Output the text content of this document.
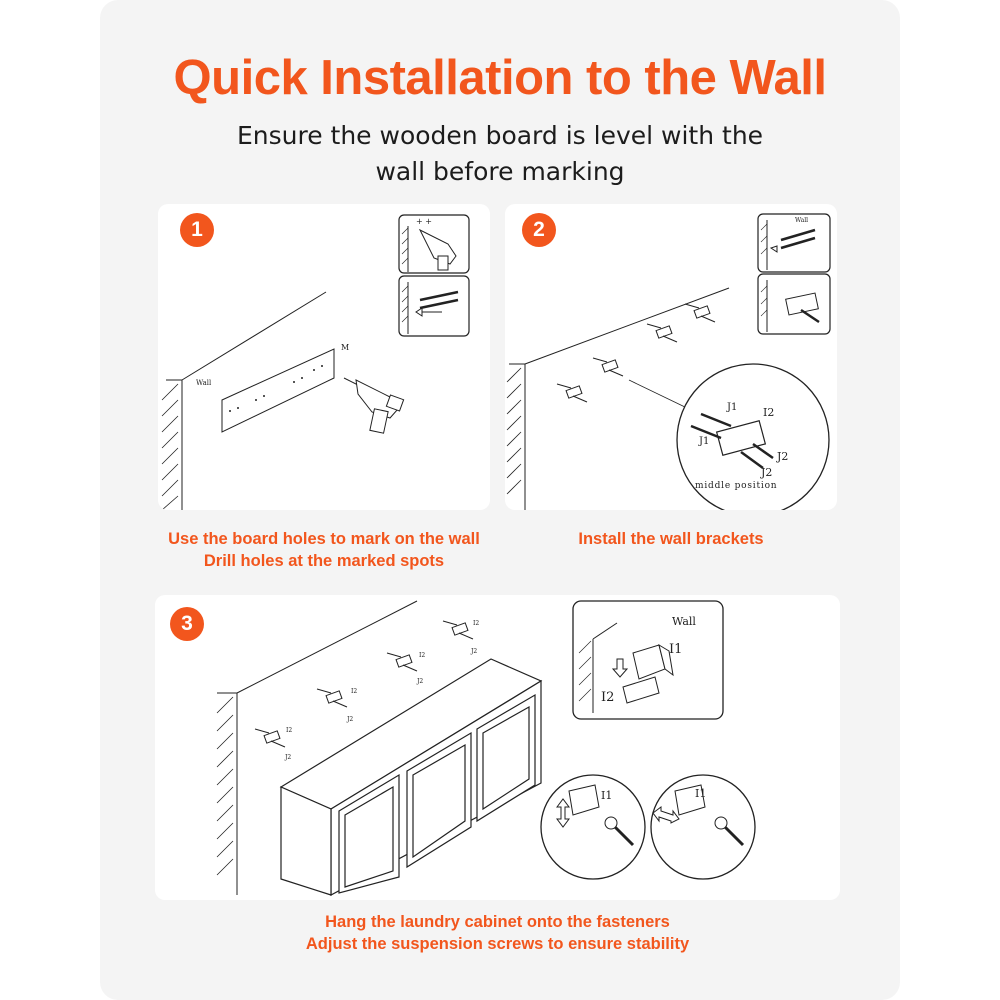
Quick Installation to the Wall
Ensure the wooden board is level with the
wall before marking
Wall
M
+ +
1
Use the board holes to mark on the wall
Drill holes at the marked spots
J1 I2
J1
J2
J2
middle position
Wall
2
Install the wall brackets
I2
I2
I2
I2
J2
J2
J2
J2
Wall
I1
I2
I1	I1
3
Hang the laundry cabinet onto the fasteners
Adjust the suspension screws to ensure stability
